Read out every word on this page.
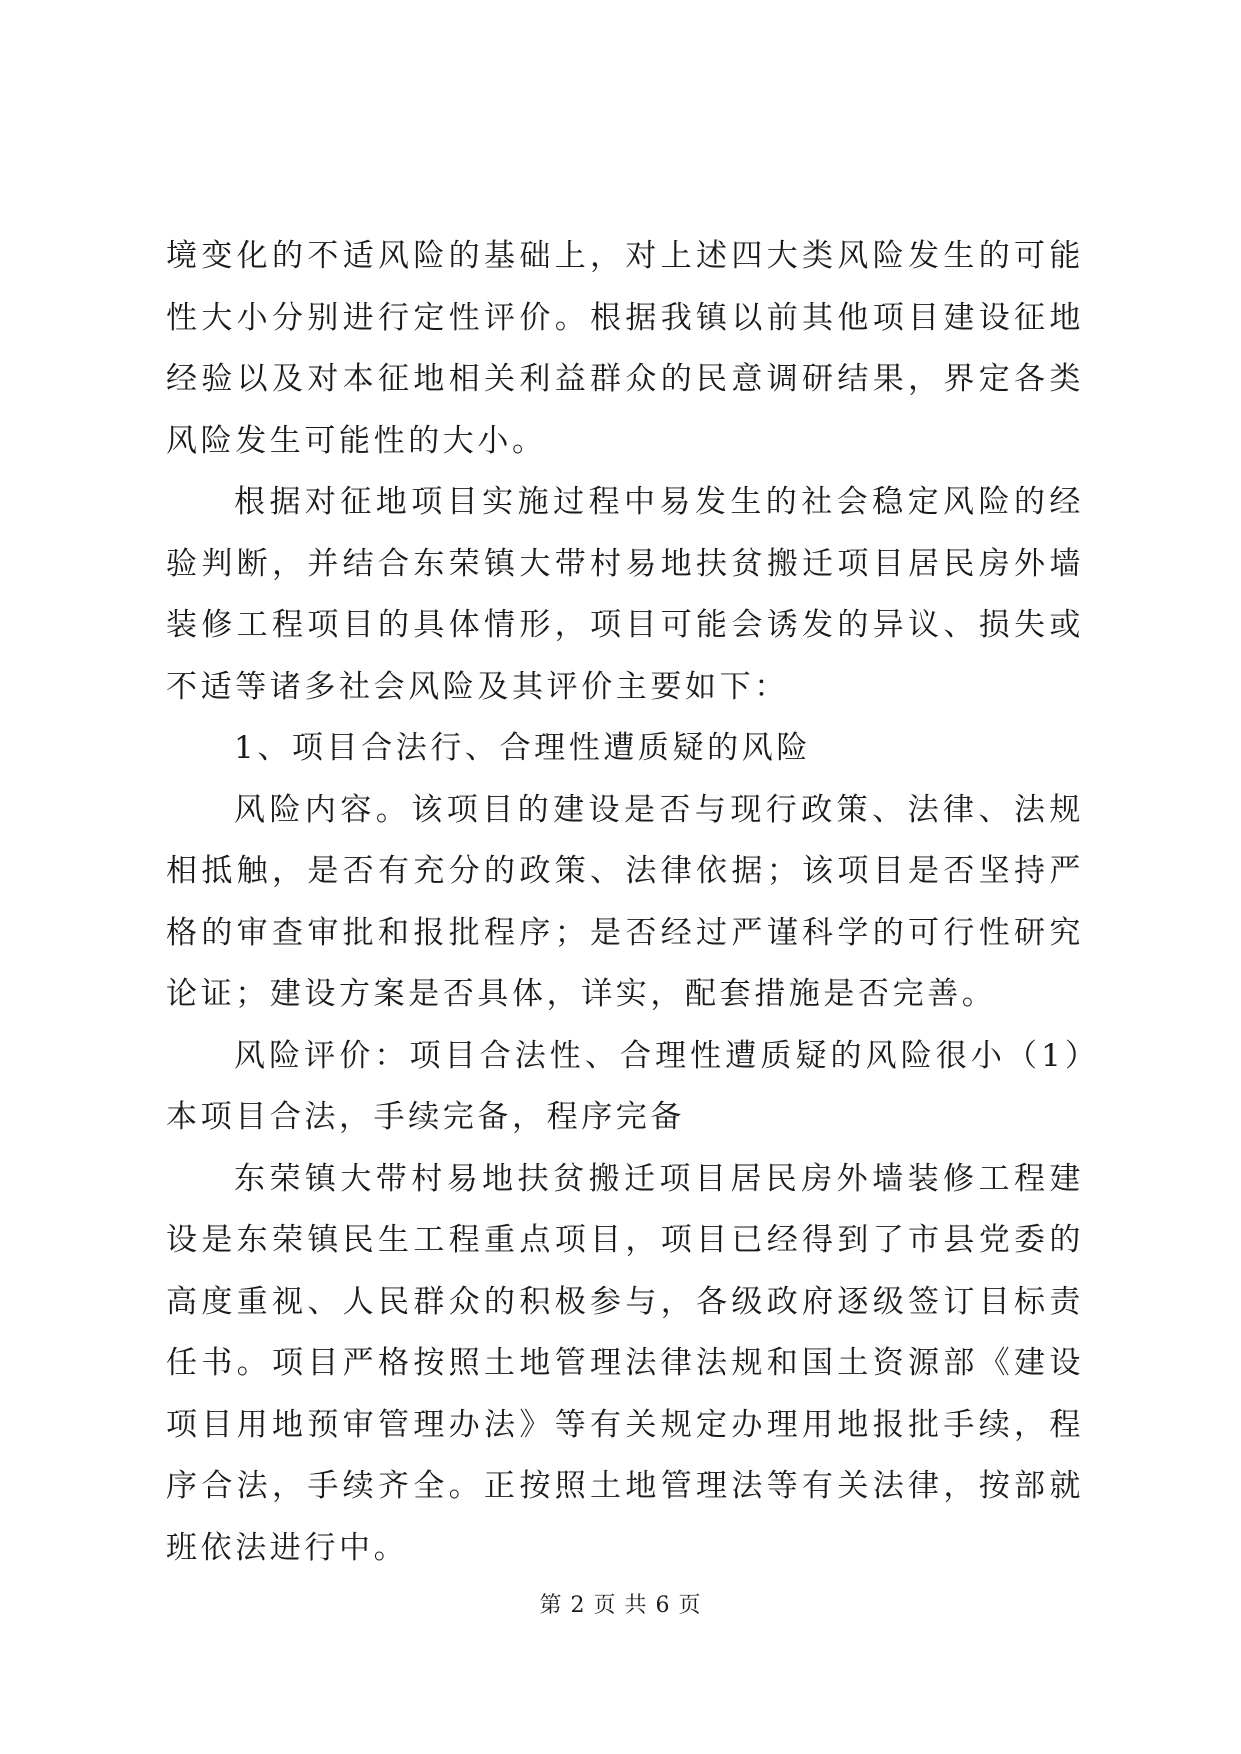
境变化的不适风险的基础上，对上述四大类风险发生的可能性大小分别进行定性评价。根据我镇以前其他项目建设征地经验以及对本征地相关利益群众的民意调研结果，界定各类风险发生可能性的大小。

根据对征地项目实施过程中易发生的社会稳定风险的经验判断，并结合东荣镇大带村易地扶贫搬迁项目居民房外墙装修工程项目的具体情形，项目可能会诱发的异议、损失或不适等诸多社会风险及其评价主要如下：

1、项目合法行、合理性遭质疑的风险

风险内容。该项目的建设是否与现行政策、法律、法规相抵触，是否有充分的政策、法律依据；该项目是否坚持严格的审查审批和报批程序；是否经过严谨科学的可行性研究论证；建设方案是否具体，详实，配套措施是否完善。

风险评价：项目合法性、合理性遭质疑的风险很小（1）本项目合法，手续完备，程序完备

东荣镇大带村易地扶贫搬迁项目居民房外墙装修工程建设是东荣镇民生工程重点项目，项目已经得到了市县党委的高度重视、人民群众的积极参与，各级政府逐级签订目标责任书。项目严格按照土地管理法律法规和国土资源部《建设项目用地预审管理办法》等有关规定办理用地报批手续，程序合法，手续齐全。正按照土地管理法等有关法律，按部就班依法进行中。

第 2 页 共 6 页
